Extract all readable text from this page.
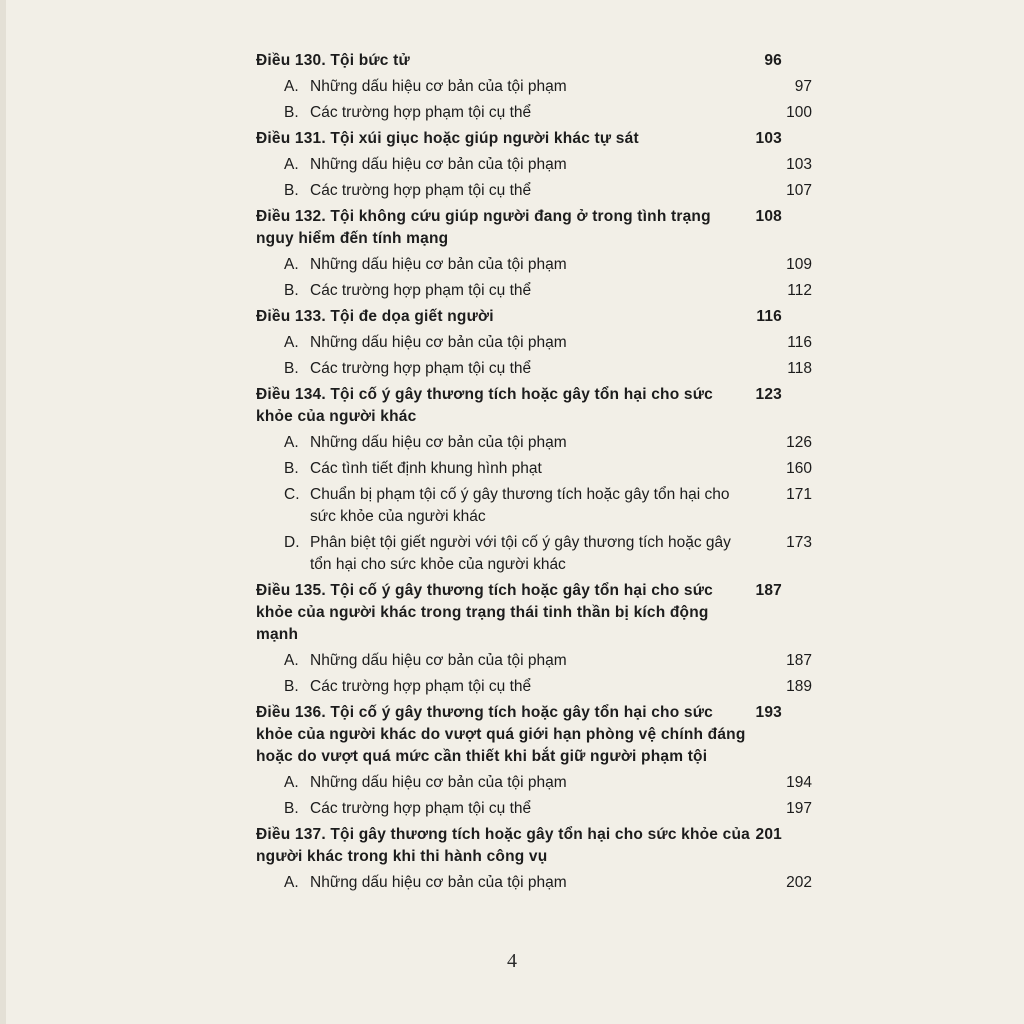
Điều 130. Tội bức tử	96
A. Những dấu hiệu cơ bản của tội phạm	97
B. Các trường hợp phạm tội cụ thể	100
Điều 131. Tội xúi giục hoặc giúp người khác tự sát	103
A. Những dấu hiệu cơ bản của tội phạm	103
B. Các trường hợp phạm tội cụ thể	107
Điều 132. Tội không cứu giúp người đang ở trong tình trạng nguy hiểm đến tính mạng
108
A. Những dấu hiệu cơ bản của tội phạm	109
B. Các trường hợp phạm tội cụ thể	112
Điều 133. Tội đe dọa giết người	116
A. Những dấu hiệu cơ bản của tội phạm	116
B. Các trường hợp phạm tội cụ thể	118
Điều 134. Tội cố ý gây thương tích hoặc gây tổn hại cho sức khỏe của người khác
123
A. Những dấu hiệu cơ bản của tội phạm	126
B. Các tình tiết định khung hình phạt	160
C. Chuẩn bị phạm tội cố ý gây thương tích hoặc gây tổn hại cho sức khỏe của người khác
171
D. Phân biệt tội giết người với tội cố ý gây thương tích hoặc gây tổn hại cho sức khỏe của người khác
173
Điều 135. Tội cố ý gây thương tích hoặc gây tổn hại cho sức khỏe của người khác trong trạng thái tinh thần bị kích động mạnh
187
A. Những dấu hiệu cơ bản của tội phạm	187
B. Các trường hợp phạm tội cụ thể	189
Điều 136. Tội cố ý gây thương tích hoặc gây tổn hại cho sức khỏe của người khác do vượt quá giới hạn phòng vệ chính đáng hoặc do vượt quá mức cần thiết khi bắt giữ người phạm tội
193
A. Những dấu hiệu cơ bản của tội phạm	194
B. Các trường hợp phạm tội cụ thể	197
Điều 137. Tội gây thương tích hoặc gây tổn hại cho sức khỏe của người khác trong khi thi hành công vụ
201
A. Những dấu hiệu cơ bản của tội phạm	202
4
